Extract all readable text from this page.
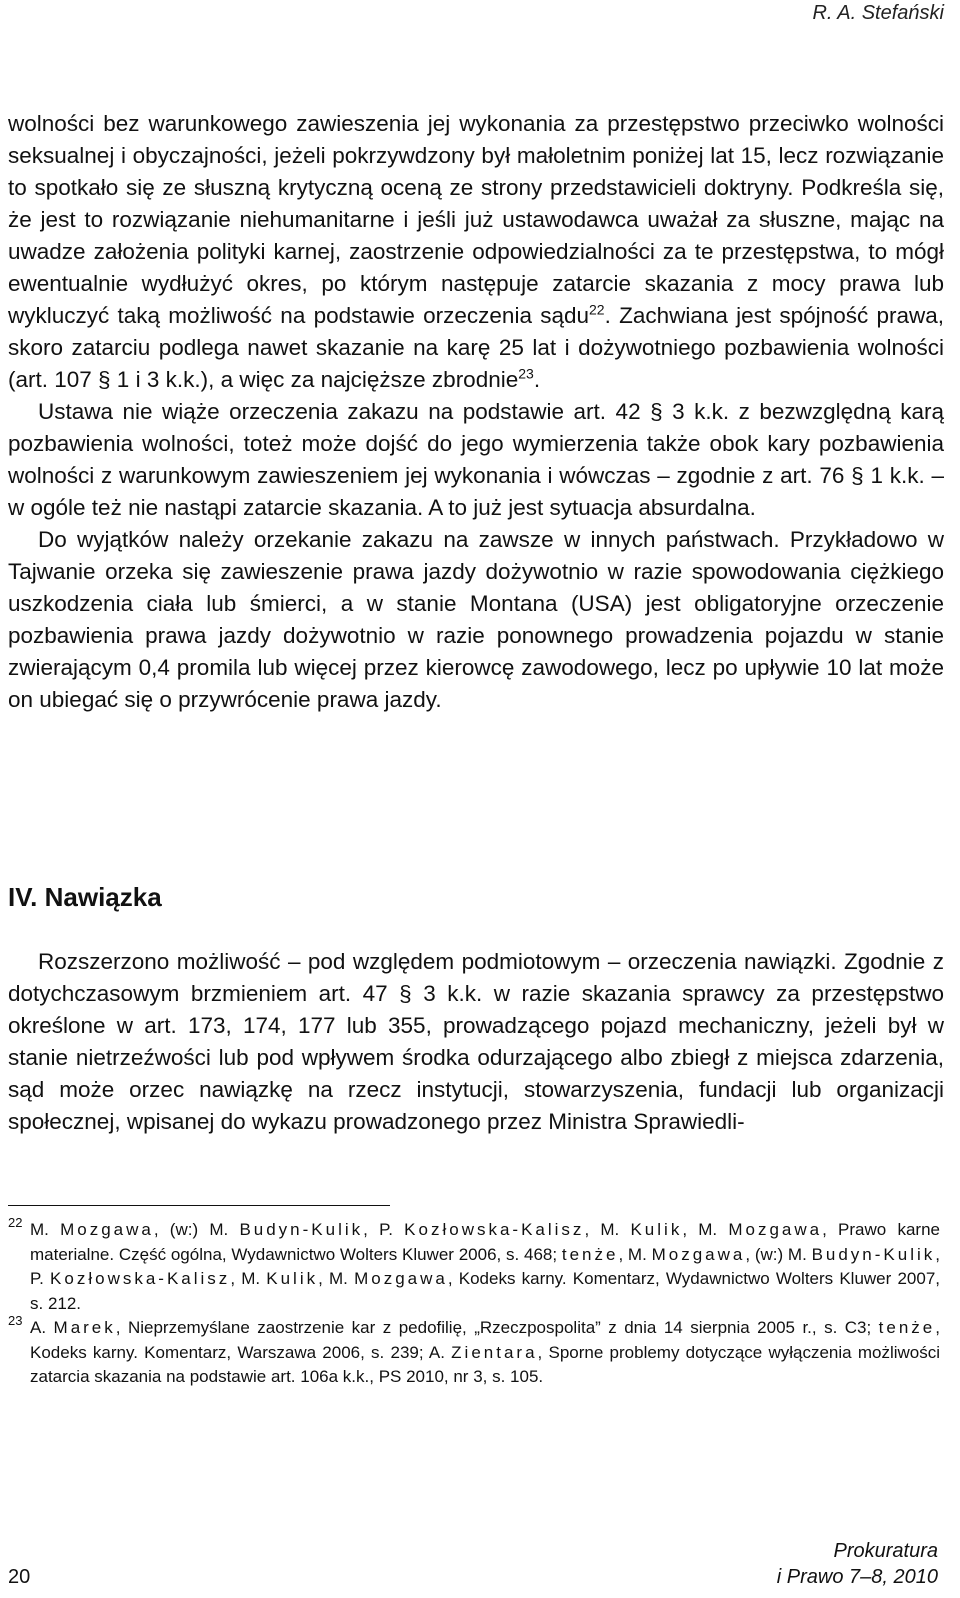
R. A. Stefański

wolności bez warunkowego zawieszenia jej wykonania za przestępstwo przeciwko wolności seksualnej i obyczajności, jeżeli pokrzywdzony był małoletnim poniżej lat 15, lecz rozwiązanie to spotkało się ze słuszną krytyczną oceną ze strony przedstawicieli doktryny. Podkreśla się, że jest to rozwiązanie niehumanitarne i jeśli już ustawodawca uważał za słuszne, mając na uwadze założenia polityki karnej, zaostrzenie odpowiedzialności za te przestępstwa, to mógł ewentualnie wydłużyć okres, po którym następuje zatarcie skazania z mocy prawa lub wykluczyć taką możliwość na podstawie orzeczenia sądu$^{22}$. Zachwiana jest spójność prawa, skoro zatarciu podlega nawet skazanie na karę 25 lat i dożywotniego pozbawienia wolności (art. 107 § 1 i 3 k.k.), a więc za najcięższe zbrodnie$^{23}$.

Ustawa nie wiąże orzeczenia zakazu na podstawie art. 42 § 3 k.k. z bezwzględną karą pozbawienia wolności, toteż może dojść do jego wymierzenia także obok kary pozbawienia wolności z warunkowym zawieszeniem jej wykonania i wówczas – zgodnie z art. 76 § 1 k.k. – w ogóle też nie nastąpi zatarcie skazania. A to już jest sytuacja absurdalna.

Do wyjątków należy orzekanie zakazu na zawsze w innych państwach. Przykładowo w Tajwanie orzeka się zawieszenie prawa jazdy dożywotnio w razie spowodowania ciężkiego uszkodzenia ciała lub śmierci, a w stanie Montana (USA) jest obligatoryjne orzeczenie pozbawienia prawa jazdy dożywotnio w razie ponownego prowadzenia pojazdu w stanie zwierającym 0,4 promila lub więcej przez kierowcę zawodowego, lecz po upływie 10 lat może on ubiegać się o przywrócenie prawa jazdy.

IV. Nawiązka

Rozszerzono możliwość – pod względem podmiotowym – orzeczenia nawiązki. Zgodnie z dotychczasowym brzmieniem art. 47 § 3 k.k. w razie skazania sprawcy za przestępstwo określone w art. 173, 174, 177 lub 355, prowadzącego pojazd mechaniczny, jeżeli był w stanie nietrzeźwości lub pod wpływem środka odurzającego albo zbiegł z miejsca zdarzenia, sąd może orzec nawiązkę na rzecz instytucji, stowarzyszenia, fundacji lub organizacji społecznej, wpisanej do wykazu prowadzonego przez Ministra Sprawiedli-

22 M. Mozgawa, (w:) M. Budyn-Kulik, P. Kozłowska-Kalisz, M. Kulik, M. Mozgawa, Prawo karne materialne. Część ogólna, Wydawnictwo Wolters Kluwer 2006, s. 468; tenże, M. Mozgawa, (w:) M. Budyn-Kulik, P. Kozłowska-Kalisz, M. Kulik, M. Mozgawa, Kodeks karny. Komentarz, Wydawnictwo Wolters Kluwer 2007, s. 212.

23 A. Marek, Nieprzemyślane zaostrzenie kar z pedofilię, „Rzeczpospolita” z dnia 14 sierpnia 2005 r., s. C3; tenże, Kodeks karny. Komentarz, Warszawa 2006, s. 239; A. Zientara, Sporne problemy dotyczące wyłączenia możliwości zatarcia skazania na podstawie art. 106a k.k., PS 2010, nr 3, s. 105.

20
Prokuratura
i Prawo 7–8, 2010
